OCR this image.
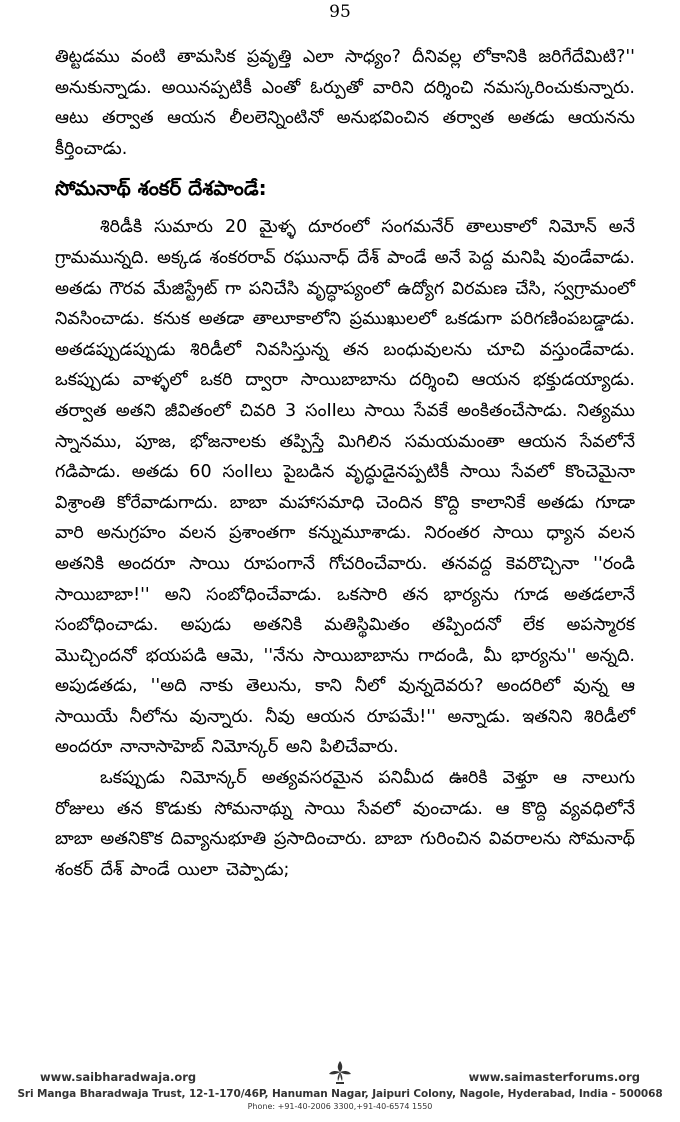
95

తిట్టడము వంటి తామసిక ప్రవృత్తి ఎలా సాధ్యం? దీనివల్ల లోకానికి జరిగేదేమిటి?'' అనుకున్నాడు. అయినప్పటికీ ఎంతో ఓర్పుతో వారిని దర్శించి నమస్కరించుకున్నారు. ఆటు తర్వాత ఆయన లీలలెన్నింటినో అనుభవించిన తర్వాత అతడు ఆయనను కీర్తించాడు.

సోమనాథ్ శంకర్ దేశపాండే:

శిరిడీకి సుమారు 20 మైళ్ళ దూరంలో సంగమనేర్ తాలుకాలో నిమోన్ అనే గ్రామమున్నది. అక్కడ శంకరరావ్ రఘునాధ్ దేశ్ పాండే అనే పెద్ద మనిషి వుండేవాడు. అతడు గౌరవ మేజిస్ట్రేట్ గా పనిచేసి వృద్ధాప్యంలో ఉద్యోగ విరమణ చేసి, స్వగ్రామంలో నివసించాడు. కనుక అతడా తాలూకాలోని ప్రముఖులలో ఒకడుగా పరిగణింపబడ్డాడు. అతడప్పుడప్పుడు శిరిడీలో నివసిస్తున్న తన బంధువులను చూచి వస్తుండేవాడు. ఒకప్పుడు వాళ్ళలో ఒకరి ద్వారా సాయిబాబాను దర్శించి ఆయన భక్తుడయ్యాడు. తర్వాత అతని జీవితంలో చివరి 3 సంIIలు సాయి సేవకే అంకితంచేసాడు. నిత్యము స్నానము, పూజ, భోజనాలకు తప్పిస్తే మిగిలిన సమయమంతా ఆయన సేవలోనే గడిపాడు. అతడు 60 సంIIలు పైబడిన వృద్ధుడైనప్పటికీ సాయి సేవలో కొంచెమైనా విశ్రాంతి కోరేవాడుగాదు. బాబా మహాసమాధి చెందిన కొద్ది కాలానికే అతడు గూడా వారి అనుగ్రహం వలన ప్రశాంతగా కన్నుమూశాడు. నిరంతర సాయి ధ్యాన వలన అతనికి అందరూ సాయి రూపంగానే గోచరించేవారు. తనవద్ద కెవరొచ్చినా ''రండి సాయిబాబా!'' అని సంబోధించేవాడు. ఒకసారి తన భార్యను గూడ అతడలానే సంబోధించాడు. అపుడు అతనికి మతిస్థిమితం తప్పిందనో లేక అపస్మారక మొచ్చిందనో భయపడి ఆమె, ''నేను సాయిబాబాను గాదండి, మీ భార్యను'' అన్నది. అపుడతడు, ''అది నాకు తెలును, కాని నీలో వున్నదెవరు? అందరిలో వున్న ఆ సాయియే నీలోను వున్నారు. నీవు ఆయన రూపమే!'' అన్నాడు. ఇతనిని శిరిడీలో అందరూ నానాసాహెబ్ నిమోన్కర్ అని పిలిచేవారు.

ఒకప్పుడు నిమోన్కర్ అత్యవసరమైన పనిమీద ఊరికి వెళ్తూ ఆ నాలుగు రోజులు తన కొడుకు సోమనాథ్ను సాయి సేవలో వుంచాడు. ఆ కొద్ది వ్యవధిలోనే బాబా అతనికొక దివ్యానుభూతి ప్రసాదించారు. బాబా గురించిన వివరాలను సోమనాథ్ శంకర్ దేశ్ పాండే యిలా చెప్పాడు;

www.saibharadwaja.org	www.saimasterforums.org
Sri Manga Bharadwaja Trust, 12-1-170/46P, Hanuman Nagar, Jaipuri Colony, Nagole, Hyderabad, India - 500068
Phone: +91-40-2006 3300,+91-40-6574 1550
